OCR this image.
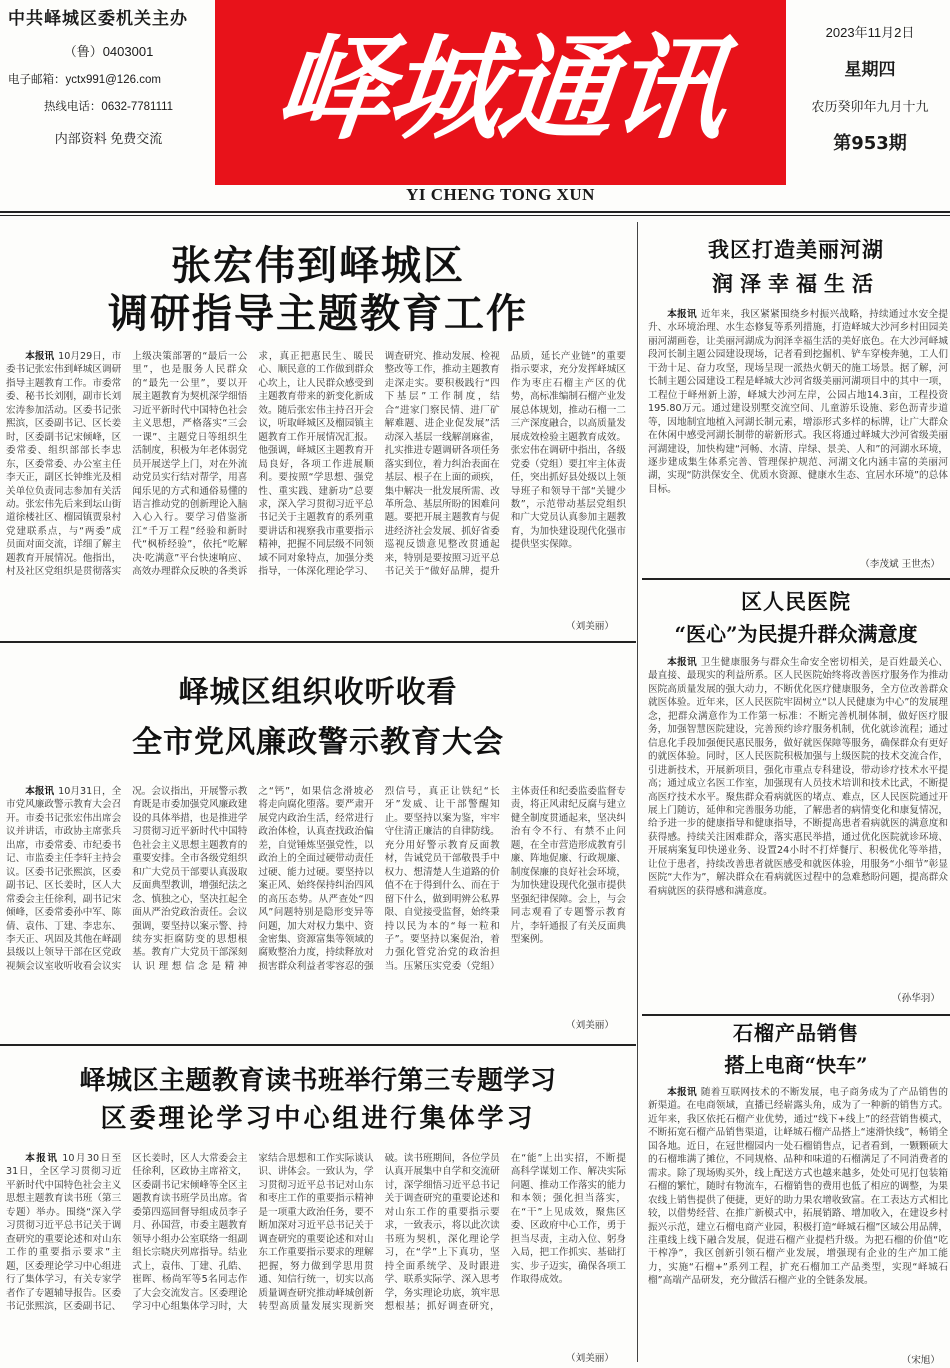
中共峄城区委机关主办
（鲁）0403001
电子邮箱：yctx991@126.com
热线电话：0632-7781111
内部资料 免费交流 峄城通讯
YI CHENG TONG XUN
2023年11月2日
星期四
农历癸卯年九月十九
第953期
张宏伟到峄城区
调研指导主题教育工作

本报讯 10月29日，市委书记张宏伟到峄城区调研指导主题教育工作。市委常委、秘书长刘刚，副市长刘宏涛参加活动。区委书记张熙滨，区委副书记、区长姜时，区委副书记宋倾峰，区委常委、组织部部长李忠东，区委常委、办公室主任李天正，副区长钟维光及相关单位负责同志参加有关活动。张宏伟先后来到坛山街道徐楼社区、榴园镇贾泉村党建联系点，与“两委”成员面对面交流，详细了解主题教育开展情况。他指出，村及社区党组织是贯彻落实上级决策部署的“最后一公里”，也是服务人民群众的“最先一公里”，要以开展主题教育为契机深学细悟习近平新时代中国特色社会主义思想，严格落实“三会一课”、主题党日等组织生活制度，积极为年老体弱党员开展送学上门，对在外流动党员实行结对帮学，用喜闻乐见的方式和通俗易懂的语言推动党的创新理论入脑入心入行。要学习借鉴浙江“千万工程”经验和新时代“枫桥经验”，依托“吃解决·吃满意”平台快速响应、高效办理群众反映的各类诉求，真正把惠民生、暖民心、顺民意的工作做到群众心坎上，让人民群众感受到主题教育带来的新变化新成效。随后张宏伟主持召开会议，听取峄城区及榴园镇主题教育工作开展情况汇报。他强调，峄城区主题教育开局良好，各项工作进展顺利。要按照“学思想、强党性、重实践、建新功”总要求，深入学习贯彻习近平总书记关于主题教育的系列重要讲话和视察我市重要指示精神，把握不同层级不同领域不同对象特点，加强分类指导，一体深化理论学习、调查研究、推动发展、检视整改等工作，推动主题教育走深走实。要积极践行“四下基层”工作制度，结合“进家门察民情、进厂矿解难题、进企业促发展”活动深入基层一线解剖麻雀，扎实推进专题调研各项任务落实到位，着力纠治表面在基层、根子在上面的顽疾，集中解决一批发展所需、改革所急、基层所盼的困难问题。要把开展主题教育与促进经济社会发展、抓好省委巡视反馈意见整改贯通起来，特别是要按照习近平总书记关于“做好品牌，提升品质，延长产业链”的重要指示要求，充分发挥峄城区作为枣庄石榴主产区的优势，高标准编制石榴产业发展总体规划，推动石榴一二三产深度融合，以高质量发展成效检验主题教育成效。张宏伟在调研中指出，各级党委（党组）要扛牢主体责任，突出抓好县处级以上领导班子和领导干部“关键少数”，示范带动基层党组织和广大党员认真参加主题教育，为加快建设现代化强市提供坚实保障。

（刘美丽）
峄城区组织收听收看
全市党风廉政警示教育大会

本报讯 10月31日，全市党风廉政警示教育大会召开。市委书记张宏伟出席会议并讲话，市政协主席张兵出席，市委常委、市纪委书记、市监委主任李轩主持会议。区委书记张熙滨，区委副书记、区长姜时，区人大常委会主任徐利，副书记宋倾峰，区委常委孙中军、陈倩、袁伟、丁建、李忠东、李天正、巩固及其他在峄副县级以上领导干部在区党政视频会议室收听收看会议实况。会议指出，开展警示教育既是市委加强党风廉政建设的具体举措，也是推进学习贯彻习近平新时代中国特色社会主义思想主题教育的重要安排。全市各级党组织和广大党员干部要认真汲取反面典型教训，增强纪法之念、慎独之心，坚决扛起全面从严治党政治责任。会议强调，要坚持以案示警、持续夯实拒腐防变的思想根基。教育广大党员干部深刻认识理想信念是精神之“钙”，如果信念滑坡必将走向腐化堕落。要严肃开展党内政治生活，经常进行政治体检，认真查找政治偏差，自觉锤炼坚强党性，以政治上的全面过硬带动责任过硬、能力过硬。要坚持以案正风、始终保持纠治四风的高压态势。从严查处“四风”问题特别是隐形变异等问题，加大对权力集中、资金密集、资源富集等领域的腐败整治力度，持续释放对损害群众利益者零容忍的强烈信号，真正让铁纪“长牙”发威、让干部警醒知止。要坚持以案为鉴，牢牢守住清正廉洁的自律防线。充分用好警示教育反面教材，告诫党员干部敬畏手中权力、想清楚人生道路的价值不在于得到什么、而在于留下什么，做到明辨公私界限、自觉接受监督，始终秉持以民为本的“每一粒和子”。要坚持以案促治，着力强化管党治党的政治担当。压紧压实党委（党组）主体责任和纪委监委监督专责，将正风肃纪反腐与建立健全制度贯通起来，坚决纠治有令不行、有禁不止问题，在全市营造形成教育引廉、阵地促廉、行政规廉、制度保廉的良好社会环境，为加快建设现代化强市提供坚强纪律保障。会上，与会同志观看了专题警示教育片，李轩通报了有关反面典型案例。

（刘美丽）
峄城区主题教育读书班举行第三专题学习
区委理论学习中心组进行集体学习

本报讯 10月30日至31日，全区学习贯彻习近平新时代中国特色社会主义思想主题教育读书班（第三专题）举办。围绕“深入学习贯彻习近平总书记关于调查研究的重要论述和对山东工作的重要指示要求”主题，区委理论学习中心组进行了集体学习，有关专家学者作了专题辅导报告。区委书记张熙滨，区委副书记、区长姜时，区人大常委会主任徐利，区政协主席裕文，区委副书记宋倾峰等全区主题教育读书班学员出席。省委第四巡回督导组成员李子月、孙国营，市委主题教育领导小组办公室联络一组副组长宗晓庆列席指导。结业式上，袁伟、丁建、孔皓、崔晖、杨尚军等5名同志作了大会交流发言。区委理论学习中心组集体学习时，大家结合思想和工作实际谈认识、讲体会。一致认为，学习贯彻习近平总书记对山东和枣庄工作的重要指示精神是一项重大政治任务，要不断加深对习近平总书记关于调查研究的重要论述和对山东工作重要指示要求的理解把握，努力做到学思用贯通、知信行统一，切实以高质量调查研究推动峄城创新转型高质量发展实现新突破。读书班期间，各位学员认真开展集中自学和交流研讨，深学细悟习近平总书记关于调查研究的重要论述和对山东工作的重要指示要求，一致表示，将以此次读书班为契机，深化理论学习，在“学”上下真功，坚持全面系统学、及时跟进学、联系实际学、深入思考学，务实理论功底，筑牢思想根基；抓好调查研究，在“能”上出实招，不断提高科学谋划工作、解决实际问题、推动工作落实的能力和本领；强化担当落实，在“干”上见成效，聚焦区委、区政府中心工作，勇于担当尽责，主动入位、躬身入局，把工作抓实、基础打实、步子迈实，确保各项工作取得成效。

（刘美丽）
我区打造美丽河湖
润泽幸福生活

本报讯 近年来，我区紧紧围绕乡村振兴战略，持续通过水安全提升、水环境治理、水生态修复等系列措施，打造峄城大沙河乡村田园美丽河湖画卷，让美丽河湖成为润泽幸福生活的美好底色。在大沙河峄城段河长制主题公园建设现场，记者看到挖掘机、铲车穿梭奔驰，工人们干劲十足、奋力攻坚，现场呈现一派热火朝天的施工场景。据了解，河长制主题公园建设工程是峄城大沙河省级美丽河湖项目中的其中一项，工程位于峄州新上游，峄城大沙河左岸，公园占地14.3亩，工程投资195.80万元。通过建设别墅交流空间、儿童游乐设施、彩色沥青步道等，因地制宜地植入河湖长制元素，增添形式多样的标牌，让广大群众在休闲中感受河湖长制带的崭新形式。我区将通过峄城大沙河省级美丽河湖建设，加快构建“河畅、水清、岸绿、景美、人和”的河湖水环境，逐步建成集生体系完善、管理保护规范、河湖文化内涵丰富的美丽河湖，实现“防洪保安全、优质水资源、健康水生态、宜居水环境”的总体目标。

（李茂斌 王世杰）
区人民医院
“医心”为民提升群众满意度

本报讯 卫生健康服务与群众生命安全密切相关，是百姓最关心、最直接、最现实的利益所系。区人民医院始终将改善医疗服务作为推动医院高质量发展的强大动力，不断优化医疗健康服务，全方位改善群众就医体验。近年来，区人民医院牢固树立“以人民健康为中心”的发展理念，把群众满意作为工作第一标准：不断完善机制体制，做好医疗服务，加强智慧医院建设，完善预约诊疗服务机制，优化就诊流程；通过信息化手段加强便民惠民服务，做好就医保障等服务，确保群众有更好的就医体验。同时，区人民医院积极加强与上级医院的技术交流合作，引进新技术，开展新项目，强化市重点专科建设，带动诊疗技术水平提高；通过成立名医工作室，加强现有人员技术培训和技术比武，不断提高医疗技术水平。聚焦群众看病就医的堵点、难点，区人民医院通过开展上门随访，延伸和完善服务功能，了解患者的病情变化和康复情况，给予进一步的健康指导和健康指导，不断提高患者看病就医的满意度和获得感。持续关注困难群众，落实惠民举措，通过优化医院就诊环境、开展病案复印快递业务、设置24小时不打烊餐厅、积极优化等举措，让位于患者，持续改善患者就医感受和就医体验，用服务“小细节”彰显医院“大作为”，解决群众在看病就医过程中的急难愁盼问题，提高群众看病就医的获得感和满意度。

（孙华羽）
石榴产品销售
搭上电商“快车”

本报讯 随着互联网技术的不断发展，电子商务成为了产品销售的新渠道。在电商领域，直播已经崭露头角，成为了一种新的销售方式。近年来，我区依托石榴产业优势，通过“线下+线上”的经营销售模式，不断拓宽石榴产品销售渠道，让峄城石榴产品搭上“速滑快线”，畅销全国各地。近日，在冠世榴园内一处石榴销售点，记者看到，一颗颗硕大的石榴堆满了摊位，不同规格、品种和味道的石榴满足了不同消费者的需求。除了现场购买外，线上配送方式也越来越多，处处可见打包装箱石榴的繁忙，随时有物流车，石榴销售的费用也低了相应的调整，为果农线上销售提供了便捷，更好的助力果农增收致富。在工表达方式相比较，以借势经营、在推广新模式中，拓展销路、增加收入，在建设乡村振兴示范，建立石榴电商产业园，积极打造“峄城石榴”区域公用品牌，注重线上线下融合发展，促进石榴产业提档升级。为把石榴的价值“吃干榨净”，我区创新引领石榴产业发展，增强现有企业的生产加工能力，实施“石榴+”系列工程，扩充石榴加工产品类型，实现“峄城石榴”高端产品研发，充分做活石榴产业的全链条发展。

（宋旭）
